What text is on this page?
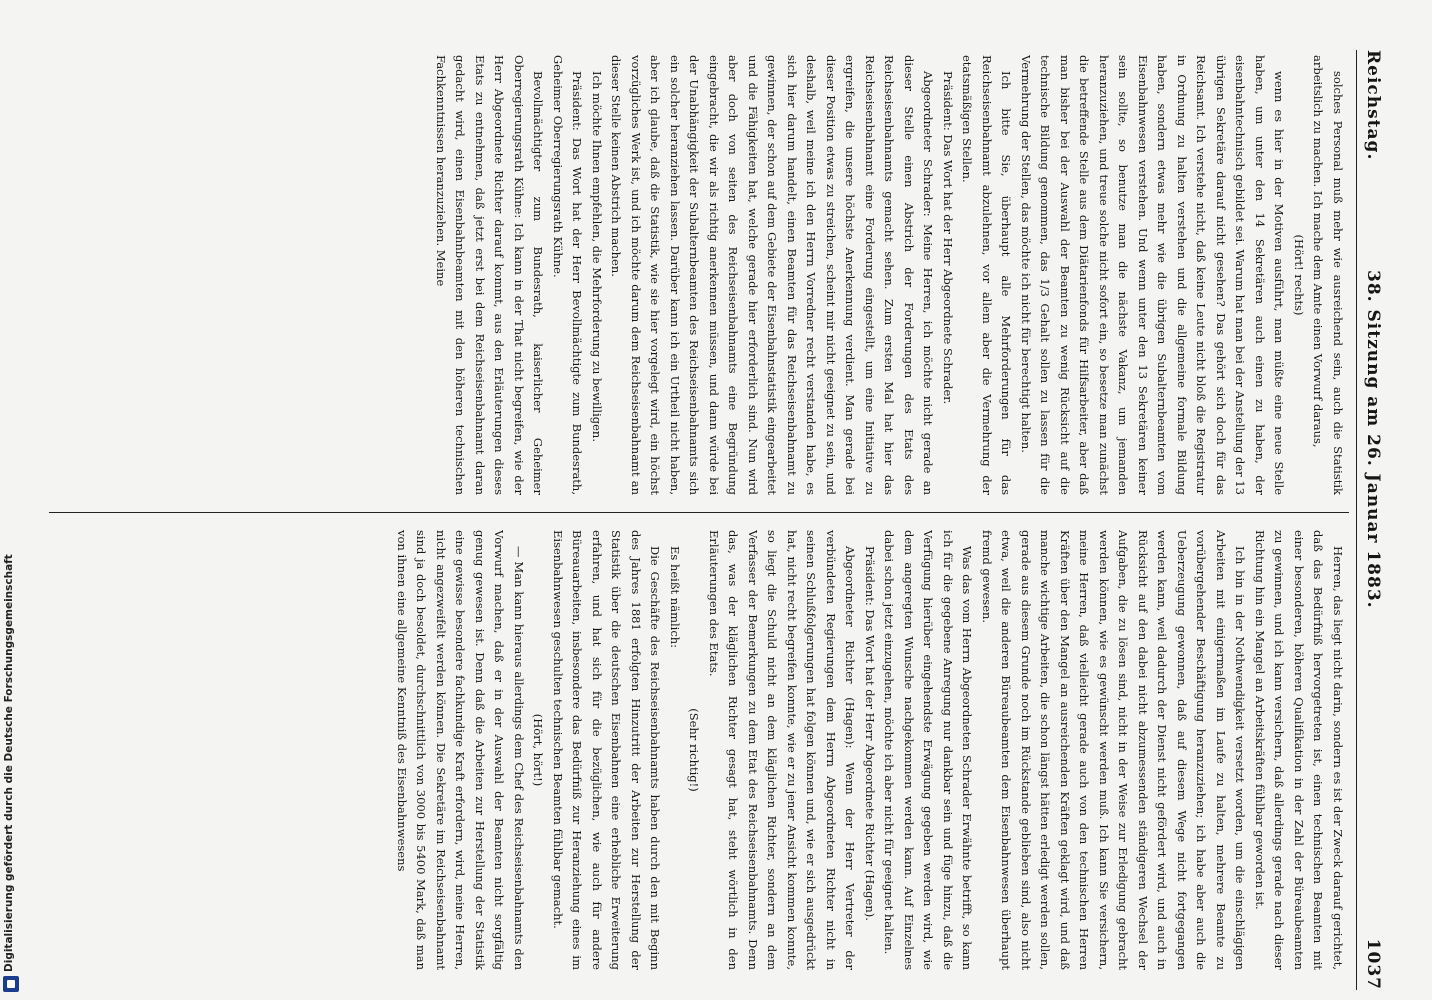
Digitalisierung gefördert durch die Deutsche Forschungsgemeinschaft
Reichstag.
38. Sitzung am 26. Januar 1883.
1037

solches Personal muß mehr wie ausreichend sein, auch die Statistik arbeitslich zu machen. Ich mache dem Amte einen Vorwurf daraus,

(Hört! rechts)

wenn es hier in der Motiven ausführt, man müßte eine neue Stelle haben, um unter den 14 Sekretären auch einen zu haben, der eisenbahntechnisch gebildet sei. Warum hat man bei der Anstellung der 13 übrigen Sekretäre darauf nicht gesehen? Das gehört sich doch für das Reichsamt. Ich verstehe nicht, daß keine Leute nicht bloß die Registratur in Ordnung zu halten verstehen und die allgemeine formale Bildung haben, sondern etwas mehr wie die übrigen Subalternbeamten vom Eisenbahnwesen verstehen. Und wenn unter den 13 Sekretären keiner sein sollte, so benutze man die nächste Vakanz, um jemanden heranzuziehen, und treue solche nicht sofort ein, so besetze man zunächst die betreffende Stelle aus dem Diätarienfonds für Hilfsarbeiter, aber daß man bisher bei der Auswahl der Beamten zu wenig Rücksicht auf die technische Bildung genommen, das 1/3 Gehalt sollen zu lassen für die Vermehrung der Stellen, das möchte ich nicht für berechtigt halten.

Ich bitte Sie, überhaupt alle Mehrforderungen für das Reichseisenbahnamt abzulehnen, vor allem aber die Vermehrung der etatsmäßigen Stellen.

Präsident: Das Wort hat der Herr Abgeordnete Schrader.

Abgeordneter Schrader: Meine Herren, ich möchte nicht gerade an dieser Stelle einen Abstrich der Forderungen des Etats des Reichseisenbahnamts gemacht sehen. Zum ersten Mal hat hier das Reichseisenbahnamt eine Forderung eingestellt, um eine Initiative zu ergreifen, die unsere höchste Anerkennung verdient. Man gerade bei dieser Position etwas zu streichen, scheint mir nicht geeignet zu sein, und deshalb, weil meine ich den Herrn Vorredner recht verstanden habe, es sich hier darum handelt, einen Beamten für das Reichseisenbahnamt zu gewinnen, der schon auf dem Gebiete der Eisenbahnstatistik eingearbeitet und die Fähigkeiten hat, welche gerade hier erforderlich sind. Nun wird aber doch von seiten des Reichseisenbahnamts eine Begründung eingebracht, die wir als richtig anerkennen müssen, und dann würde bei der Unabhängigkeit der Subalternbeamten des Reichseisenbahnamts sich ein solcher heranziehen lassen. Darüber kann ich ein Urtheil nicht haben, aber ich glaube, daß die Statistik, wie sie hier vorgelegt wird, ein höchst vorzügliches Werk ist, und ich möchte darum dem Reichseisenbahnamt an dieser Stelle keinen Abstrich machen.

Ich möchte Ihnen empfehlen, die Mehrforderung zu bewilligen.

Präsident: Das Wort hat der Herr Bevollmächtigte zum Bundesrath, Geheimer Oberregierungsrath Kühne.

Bevollmächtigter zum Bundesrath, kaiserlicher Geheimer Oberregierungsrath Kühne: Ich kann in der That nicht begreifen, wie der Herr Abgeordnete Richter darauf kommt, aus den Erläuterungen dieses Etats zu entnehmen, daß jetzt erst bei dem Reichseisenbahnamt daran gedacht wird, einen Eisenbahnbeamten mit den höheren technischen Fachkenntnissen heranzuziehen. Meine

Herren, das liegt nicht darin, sondern es ist der Zweck darauf gerichtet, daß das Bedürfniß hervorgetreten ist, einen technischen Beamten mit einer besonderen, höheren Qualifikation in der Zahl der Büreaubeamten zu gewinnen, und ich kann versichern, daß allerdings gerade nach dieser Richtung hin ein Mangel an Arbeitskräften fühlbar geworden ist.

Ich bin in der Nothwendigkeit versetzt worden, um die einschlägigen Arbeiten mit einigermaßen im Laufe zu halten, mehrere Beamte zu vorübergehender Beschäftigung heranzuziehen; ich habe aber auch die Ueberzeugung gewonnen, daß auf diesem Wege nicht fortgegangen werden kann, weil dadurch der Dienst nicht gefördert wird, und auch in Rücksicht auf den dabei nicht abzumessenden ständigeren Wechsel der Aufgaben, die zu lösen sind, nicht in der Weise zur Erledigung gebracht werden können, wie es gewünscht werden muß. Ich kann Sie versichern, meine Herren, daß vielleicht gerade auch von den technischen Herren Kräften über den Mangel an ausreichenden Kräften geklagt wird, und daß manche wichtige Arbeiten, die schon längst hätten erledigt werden sollen, gerade aus diesem Grunde noch im Rückstande geblieben sind, also nicht etwa, weil die anderen Büreaubeamten dem Eisenbahnwesen überhaupt fremd gewesen.

Was das vom Herrn Abgeordneten Schrader Erwähnte betrifft, so kann ich für die gegebene Anregung nur dankbar sein und füge hinzu, daß die Verfügung hierüber eingehendste Erwägung gegeben werden wird, wie dem angeregten Wunsche nachgekommen werden kann. Auf Einzelnes dabei schon jetzt einzugehen, möchte ich aber nicht für geeignet halten.

Präsident: Das Wort hat der Herr Abgeordnete Richter (Hagen).

Abgeordneter Richter (Hagen): Wenn der Herr Vertreter der verbündeten Regierungen dem Herrn Abgeordneten Richter nicht in seinen Schlußfolgerungen hat folgen können und, wie er sich ausgedrückt hat, nicht recht begreifen konnte, wie er zu jener Ansicht kommen konnte, so liegt die Schuld nicht an dem kläglichen Richter, sondern an dem Verfasser der Bemerkungen zu dem Etat des Reichseisenbahnamts. Denn das, was der kläglichen Richter gesagt hat, steht wörtlich in den Erläuterungen des Etats.

(Sehr richtig!)

Es heißt nämlich:

Die Geschäfte des Reichseisenbahnamts haben durch den mit Beginn des Jahres 1881 erfolgten Hinzutritt der Arbeiten zur Herstellung der Statistik über die deutschen Eisenbahnen eine erhebliche Erweiterung erfahren, und hat sich für die bezüglichen, wie auch für andere Büreauarbeiten, insbesondere das Bedürfniß zur Heranziehung eines im Eisenbahnwesen geschulten technischen Beamten fühlbar gemacht.

(Hört, hört!)

— Man kann hieraus allerdings dem Chef des Reichseisenbahnamts den Vorwurf machen, daß er in der Auswahl der Beamten nicht sorgfältig genug gewesen ist. Denn daß die Arbeiten zur Herstellung der Statistik eine gewisse besondere fachkundige Kraft erfordern, wird, meine Herren, nicht angezweifelt werden können. Die Sekretäre im Reichseisenbahnamt sind ja doch besoldet, durchschnittlich von 3000 bis 5400 Mark, daß man von ihnen eine allgemeine Kenntniß des Eisenbahnwesens
